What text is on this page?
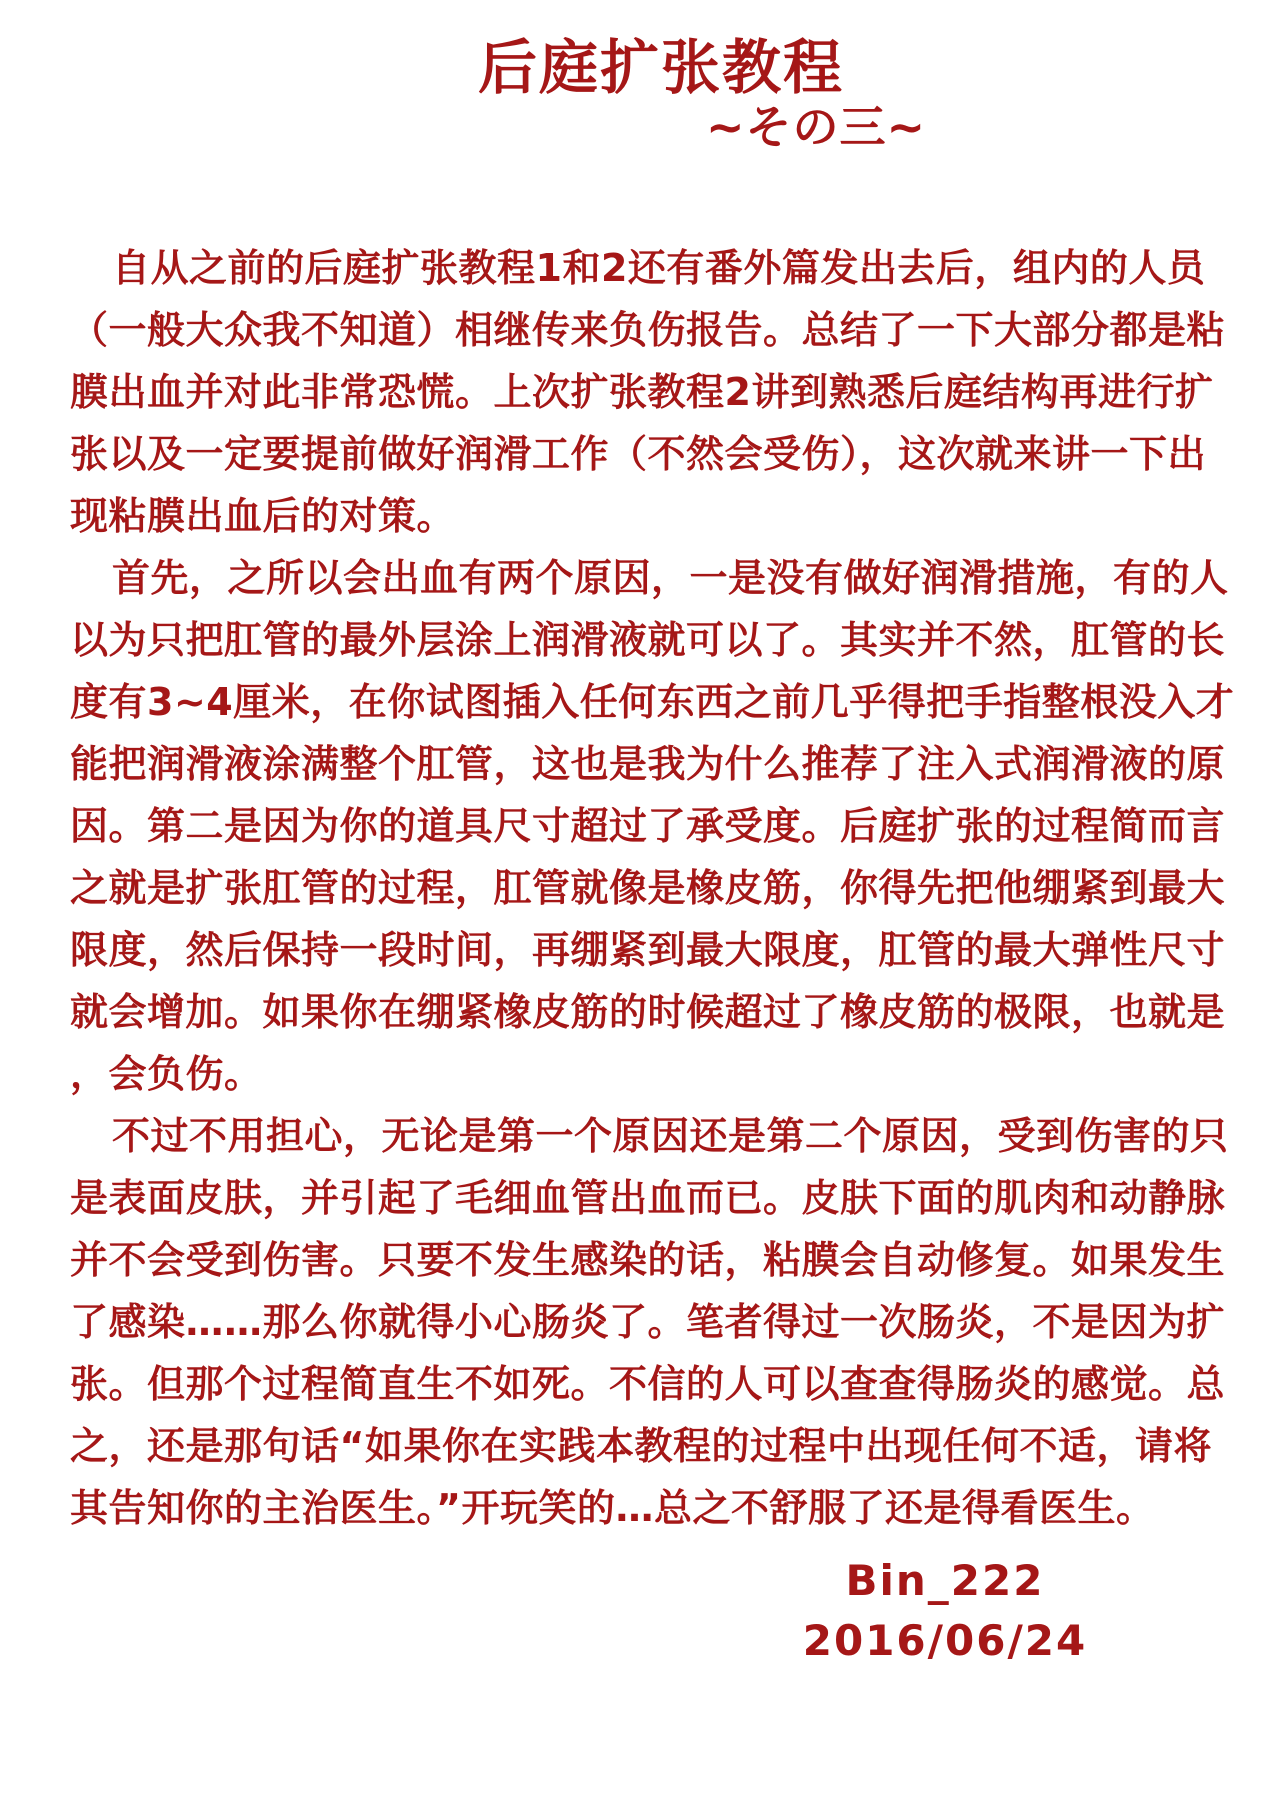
后庭扩张教程
~その三~
自从之前的后庭扩张教程1和2还有番外篇发出去后，组内的人员
（一般大众我不知道）相继传来负伤报告。总结了一下大部分都是粘
膜出血并对此非常恐慌。上次扩张教程2讲到熟悉后庭结构再进行扩
张以及一定要提前做好润滑工作（不然会受伤），这次就来讲一下出
现粘膜出血后的对策。
首先，之所以会出血有两个原因，一是没有做好润滑措施，有的人
以为只把肛管的最外层涂上润滑液就可以了。其实并不然，肛管的长
度有3~4厘米，在你试图插入任何东西之前几乎得把手指整根没入才
能把润滑液涂满整个肛管，这也是我为什么推荐了注入式润滑液的原
因。第二是因为你的道具尺寸超过了承受度。后庭扩张的过程简而言
之就是扩张肛管的过程，肛管就像是橡皮筋，你得先把他绷紧到最大
限度，然后保持一段时间，再绷紧到最大限度，肛管的最大弹性尺寸
就会增加。如果你在绷紧橡皮筋的时候超过了橡皮筋的极限，也就是
，会负伤。
不过不用担心，无论是第一个原因还是第二个原因，受到伤害的只
是表面皮肤，并引起了毛细血管出血而已。皮肤下面的肌肉和动静脉
并不会受到伤害。只要不发生感染的话，粘膜会自动修复。如果发生
了感染……那么你就得小心肠炎了。笔者得过一次肠炎，不是因为扩
张。但那个过程简直生不如死。不信的人可以查查得肠炎的感觉。总
之，还是那句话“如果你在实践本教程的过程中出现任何不适，请将
其告知你的主治医生。”开玩笑的…总之不舒服了还是得看医生。
Bin_222
2016/06/24
